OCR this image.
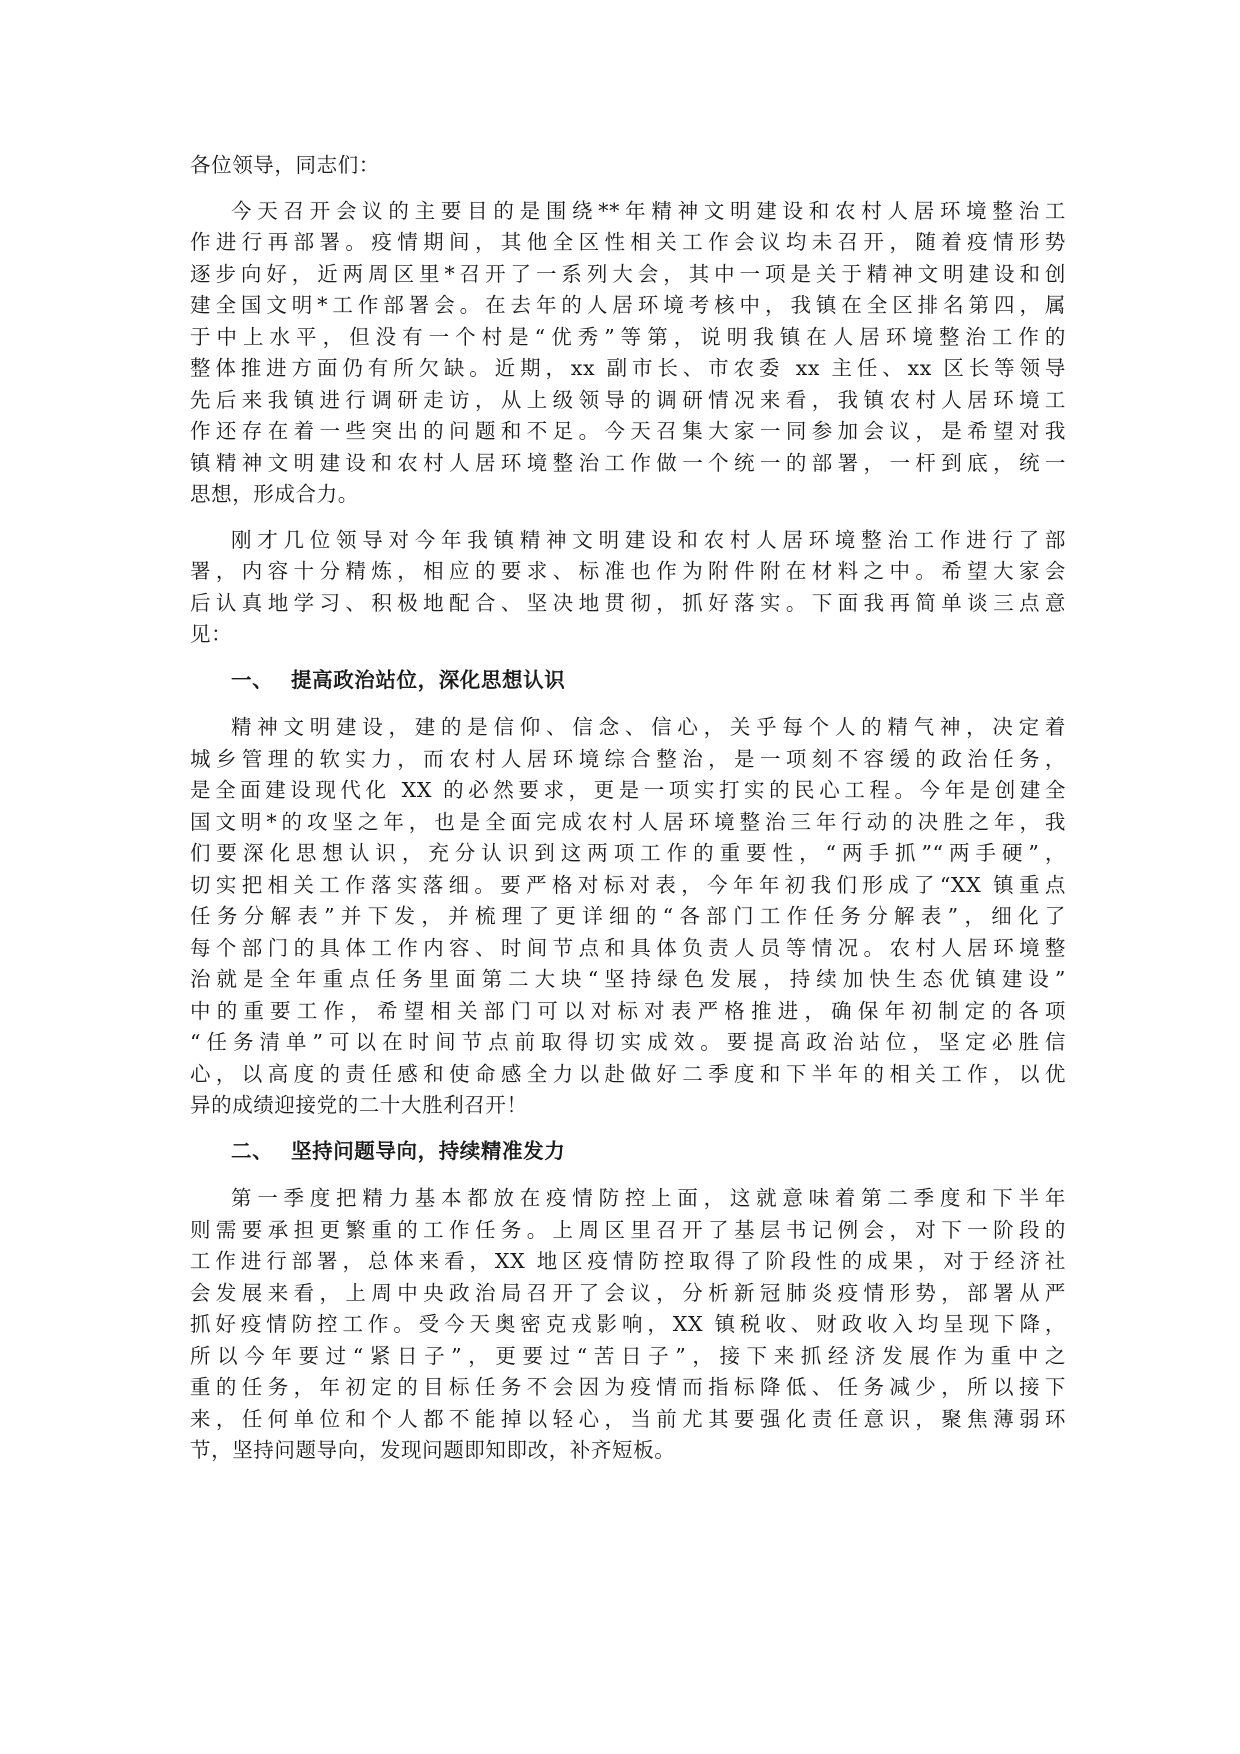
各位领导，同志们：
今天召开会议的主要目的是围绕**年精神文明建设和农村人居环境整治工
作进行再部署。疫情期间，其他全区性相关工作会议均未召开，随着疫情形势
逐步向好，近两周区里*召开了一系列大会，其中一项是关于精神文明建设和创
建全国文明*工作部署会。在去年的人居环境考核中，我镇在全区排名第四，属
于中上水平，但没有一个村是“优秀”等第，说明我镇在人居环境整治工作的
整体推进方面仍有所欠缺。近期，xx 副市长、市农委 xx 主任、xx 区长等领导
先后来我镇进行调研走访，从上级领导的调研情况来看，我镇农村人居环境工
作还存在着一些突出的问题和不足。今天召集大家一同参加会议，是希望对我
镇精神文明建设和农村人居环境整治工作做一个统一的部署，一杆到底，统一
思想，形成合力。
刚才几位领导对今年我镇精神文明建设和农村人居环境整治工作进行了部
署，内容十分精炼，相应的要求、标准也作为附件附在材料之中。希望大家会
后认真地学习、积极地配合、坚决地贯彻，抓好落实。下面我再简单谈三点意
见：
一、 提高政治站位，深化思想认识
精神文明建设，建的是信仰、信念、信心，关乎每个人的精气神，决定着
城乡管理的软实力，而农村人居环境综合整治，是一项刻不容缓的政治任务，
是全面建设现代化 XX 的必然要求，更是一项实打实的民心工程。今年是创建全
国文明*的攻坚之年，也是全面完成农村人居环境整治三年行动的决胜之年，我
们要深化思想认识，充分认识到这两项工作的重要性，“两手抓”“两手硬”，
切实把相关工作落实落细。要严格对标对表，今年年初我们形成了“XX 镇重点
任务分解表”并下发，并梳理了更详细的“各部门工作任务分解表”，细化了
每个部门的具体工作内容、时间节点和具体负责人员等情况。农村人居环境整
治就是全年重点任务里面第二大块“坚持绿色发展，持续加快生态优镇建设”
中的重要工作，希望相关部门可以对标对表严格推进，确保年初制定的各项
“任务清单”可以在时间节点前取得切实成效。要提高政治站位，坚定必胜信
心，以高度的责任感和使命感全力以赴做好二季度和下半年的相关工作，以优
异的成绩迎接党的二十大胜利召开！
二、 坚持问题导向，持续精准发力
第一季度把精力基本都放在疫情防控上面，这就意味着第二季度和下半年
则需要承担更繁重的工作任务。上周区里召开了基层书记例会，对下一阶段的
工作进行部署，总体来看，XX 地区疫情防控取得了阶段性的成果，对于经济社
会发展来看，上周中央政治局召开了会议，分析新冠肺炎疫情形势，部署从严
抓好疫情防控工作。受今天奥密克戎影响，XX 镇税收、财政收入均呈现下降，
所以今年要过“紧日子”，更要过“苦日子”，接下来抓经济发展作为重中之
重的任务，年初定的目标任务不会因为疫情而指标降低、任务减少，所以接下
来，任何单位和个人都不能掉以轻心，当前尤其要强化责任意识，聚焦薄弱环
节，坚持问题导向，发现问题即知即改，补齐短板。
